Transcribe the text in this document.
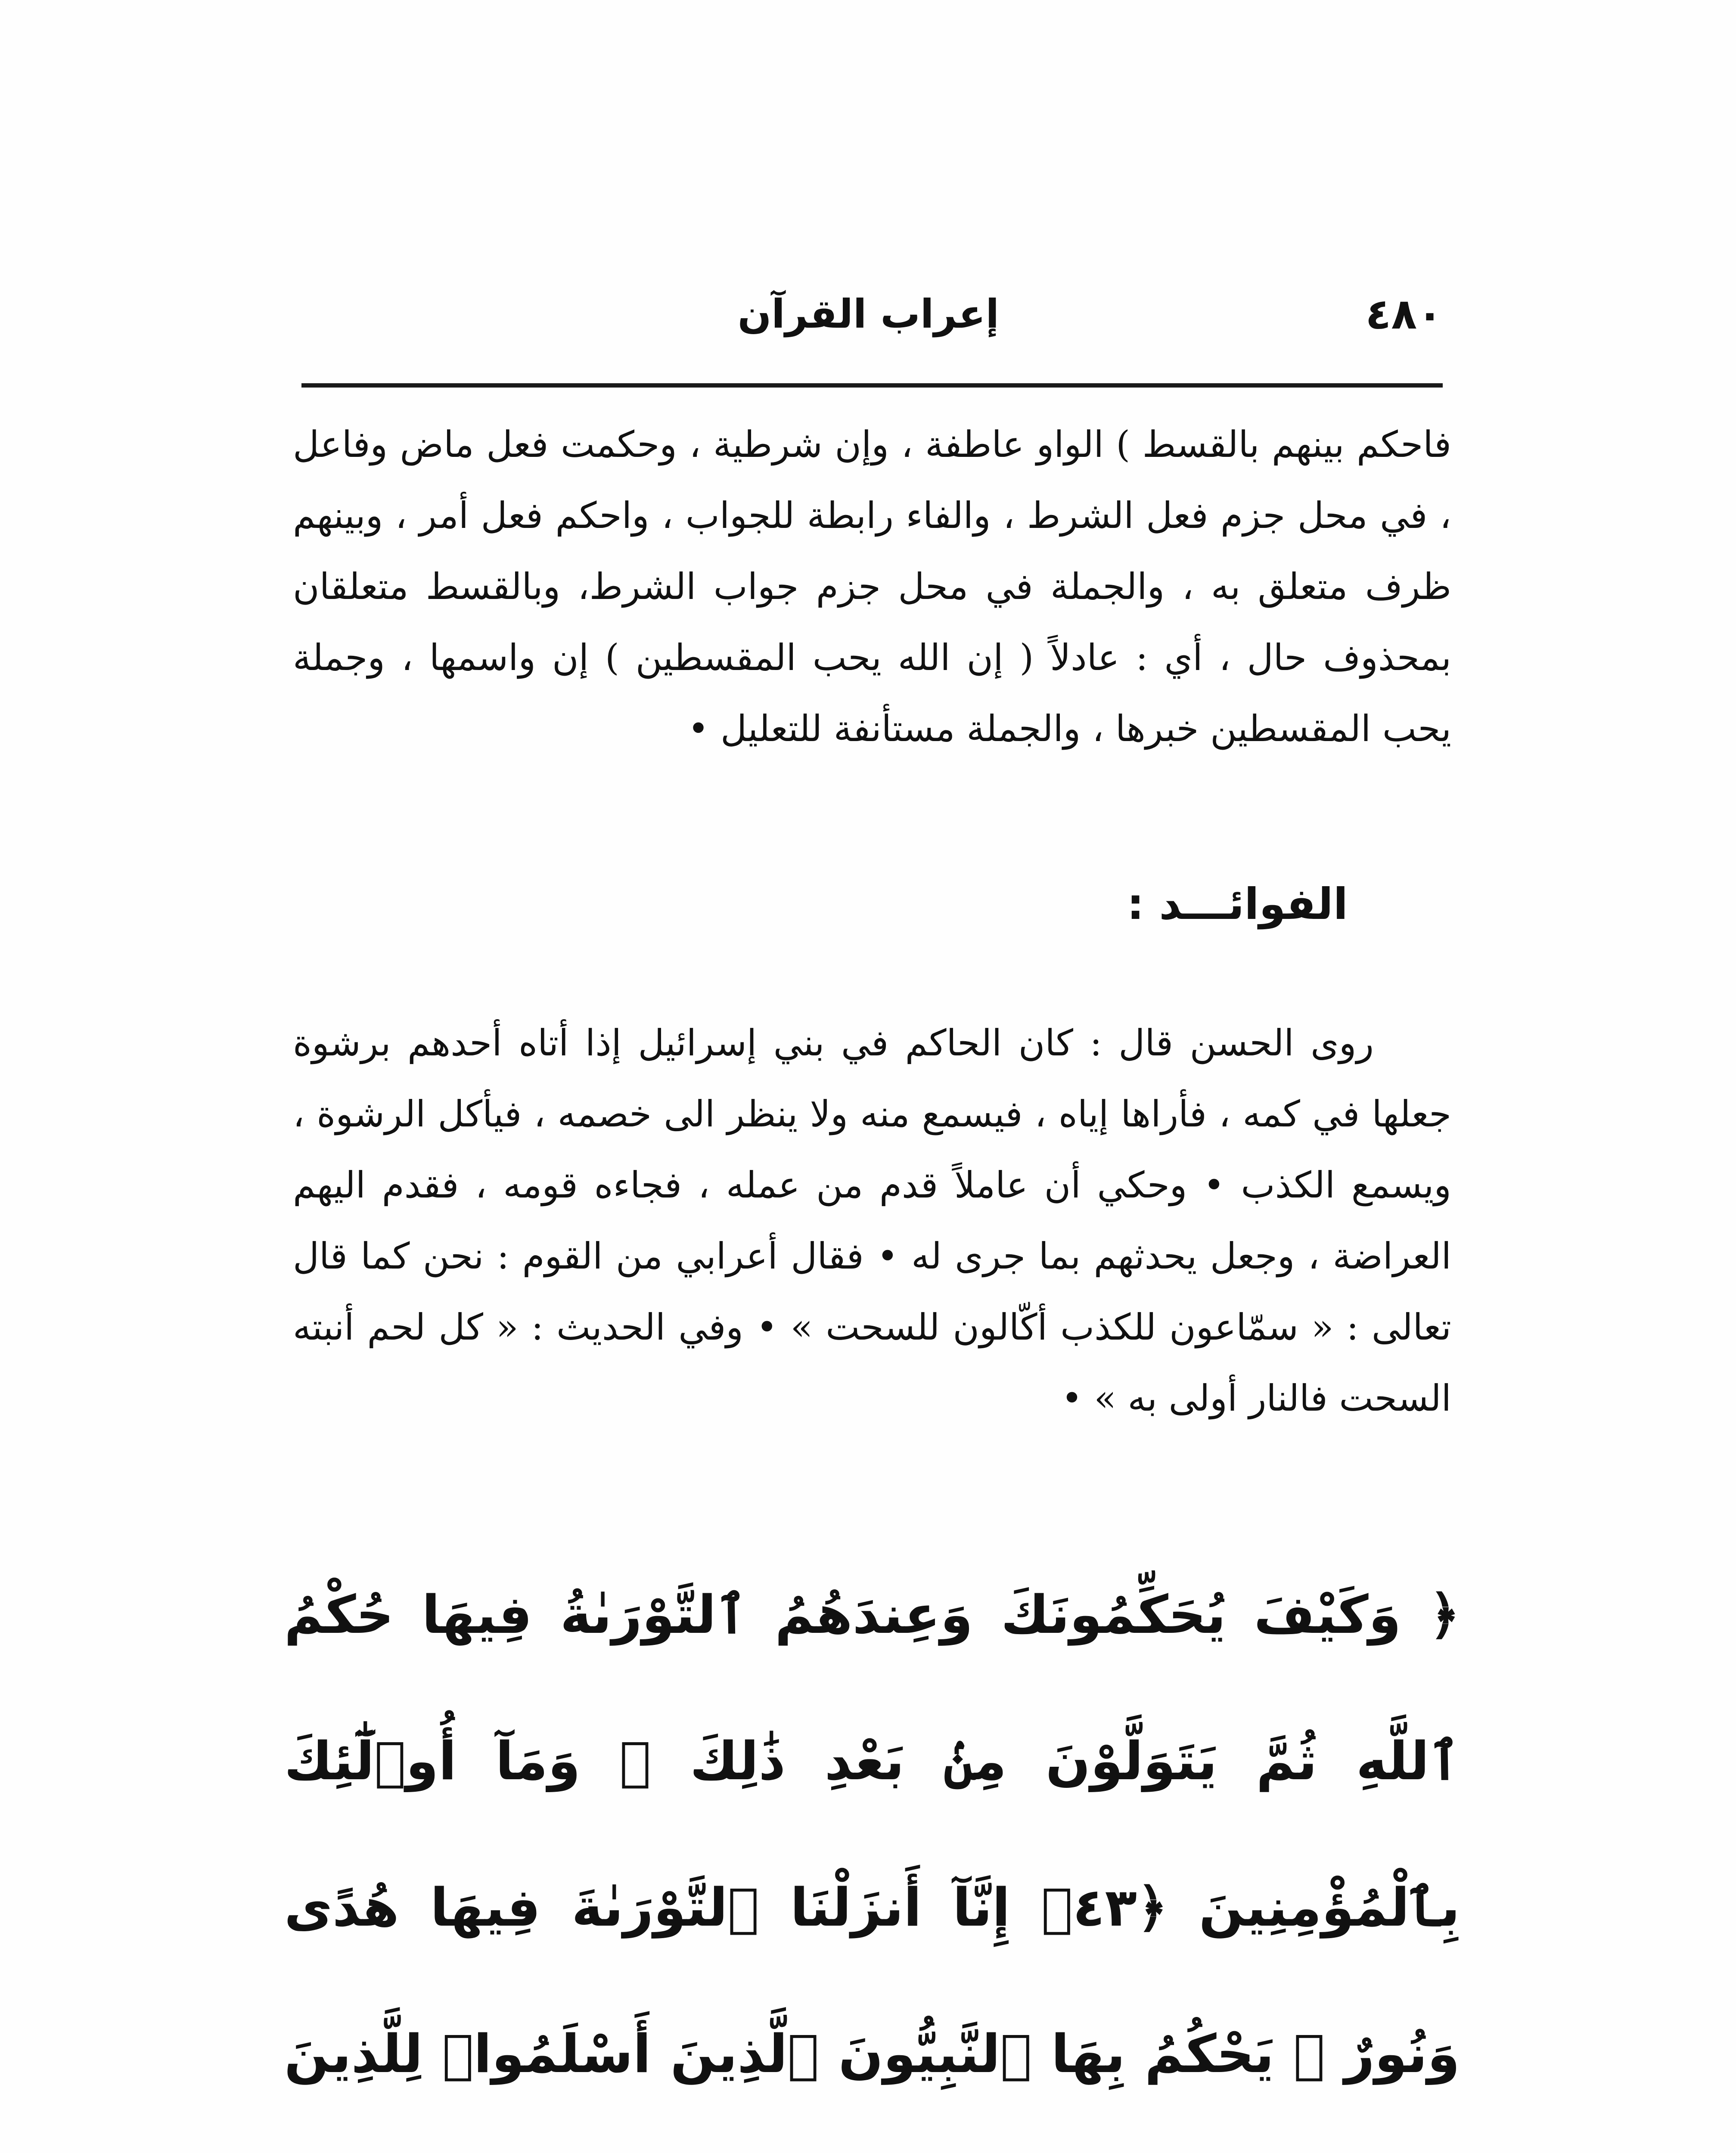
٤٨٠
إعراب القرآن
فاحكم بينهم بالقسط ) الواو عاطفة ، وإن شرطية ، وحكمت فعل ماض وفاعل ، في محل جزم فعل الشرط ، والفاء رابطة للجواب ، واحكم فعل أمر ، وبينهم ظرف متعلق به ، والجملة في محل جزم جواب الشرط، وبالقسط متعلقان بمحذوف حال ، أي : عادلاً ( إن الله يحب المقسطين ) إن واسمها ، وجملة يحب المقسطين خبرها ، والجملة مستأنفة للتعليل •
الفوائـــد :
روى الحسن قال : كان الحاكم في بني إسرائيل إذا أتاه أحدهم برشوة جعلها في كمه ، فأراها إياه ، فيسمع منه ولا ينظر الى خصمه ، فيأكل الرشوة ، ويسمع الكذب • وحكي أن عاملاً قدم من عمله ، فجاءه قومه ، فقدم اليهم العراضة ، وجعل يحدثهم بما جرى له • فقال أعرابي من القوم : نحن كما قال تعالى : « سمّاعون للكذب أكّالون للسحت » • وفي الحديث : « كل لحم أنبته السحت فالنار أولى به » •
﴿ وَكَيْفَ يُحَكِّمُونَكَ وَعِندَهُمُ ٱلتَّوْرَىٰةُ فِيهَا حُكْمُ ٱللَّهِ ثُمَّ يَتَوَلَّوْنَ مِنۢ بَعْدِ ذَٰلِكَ ۚ وَمَآ أُو۟لَٰٓئِكَ بِٱلْمُؤْمِنِينَ ﴿٤٣﴾ إِنَّآ أَنزَلْنَا ٱلتَّوْرَىٰةَ فِيهَا هُدًى وَنُورٌ ۚ يَحْكُمُ بِهَا ٱلنَّبِيُّونَ ٱلَّذِينَ أَسْلَمُوا۟ لِلَّذِينَ
